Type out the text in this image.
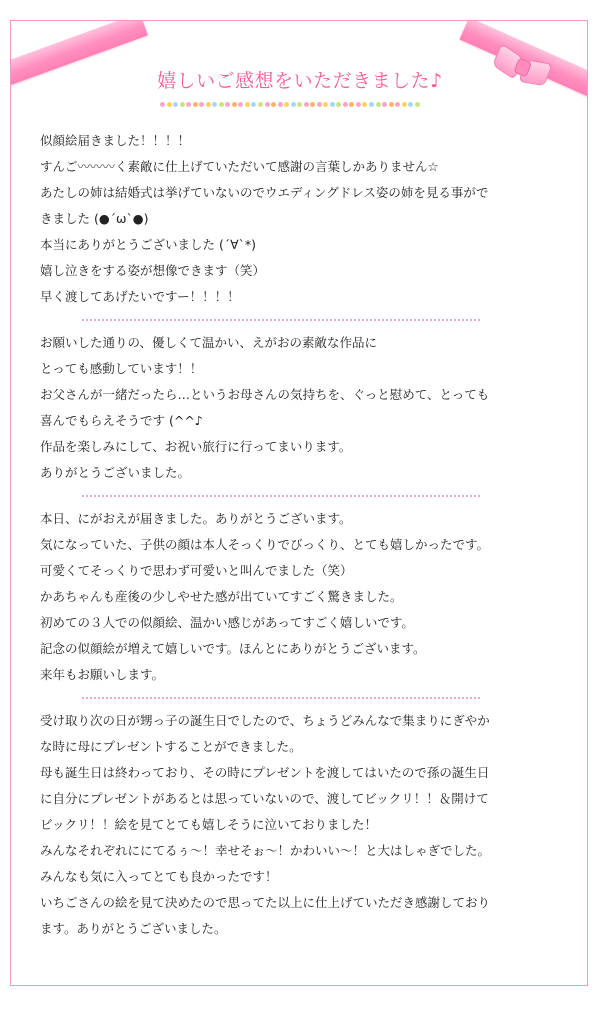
嬉しいご感想をいただきました♪

似顔絵届きました！！！！

すんご〰〰〰く素敵に仕上げていただいて感謝の言葉しかありません☆

あたしの姉は結婚式は挙げていないのでウエディングドレス姿の姉を見る事がで

きました (●´ω`●)

本当にありがとうございました (´∀`*)

嬉し泣きをする姿が想像できます（笑）

早く渡してあげたいですー！！！！

お願いした通りの、優しくて温かい、えがおの素敵な作品に

とっても感動しています！！

お父さんが一緒だったら…というお母さんの気持ちを、ぐっと慰めて、とっても

喜んでもらえそうです (^^♪

作品を楽しみにして、お祝い旅行に行ってまいります。

ありがとうございました。

本日、にがおえが届きました。ありがとうございます。

気になっていた、子供の顔は本人そっくりでびっくり、とても嬉しかったです。

可愛くてそっくりで思わず可愛いと叫んでました（笑）

かあちゃんも産後の少しやせた感が出ていてすごく驚きました。

初めての３人での似顔絵、温かい感じがあってすごく嬉しいです。

記念の似顔絵が増えて嬉しいです。ほんとにありがとうございます。

来年もお願いします。

受け取り次の日が甥っ子の誕生日でしたので、ちょうどみんなで集まりにぎやか

な時に母にプレゼントすることができました。

母も誕生日は終わっており、その時にプレゼントを渡してはいたので孫の誕生日

に自分にプレゼントがあるとは思っていないので、渡してビックリ！！＆開けて

ビックリ！！絵を見てとても嬉しそうに泣いておりました！

みんなそれぞれににてるぅ〜！幸せそぉ〜！かわいい〜！と大はしゃぎでした。

みんなも気に入ってとても良かったです！

いちごさんの絵を見て決めたので思ってた以上に仕上げていただき感謝しており

ます。ありがとうございました。
